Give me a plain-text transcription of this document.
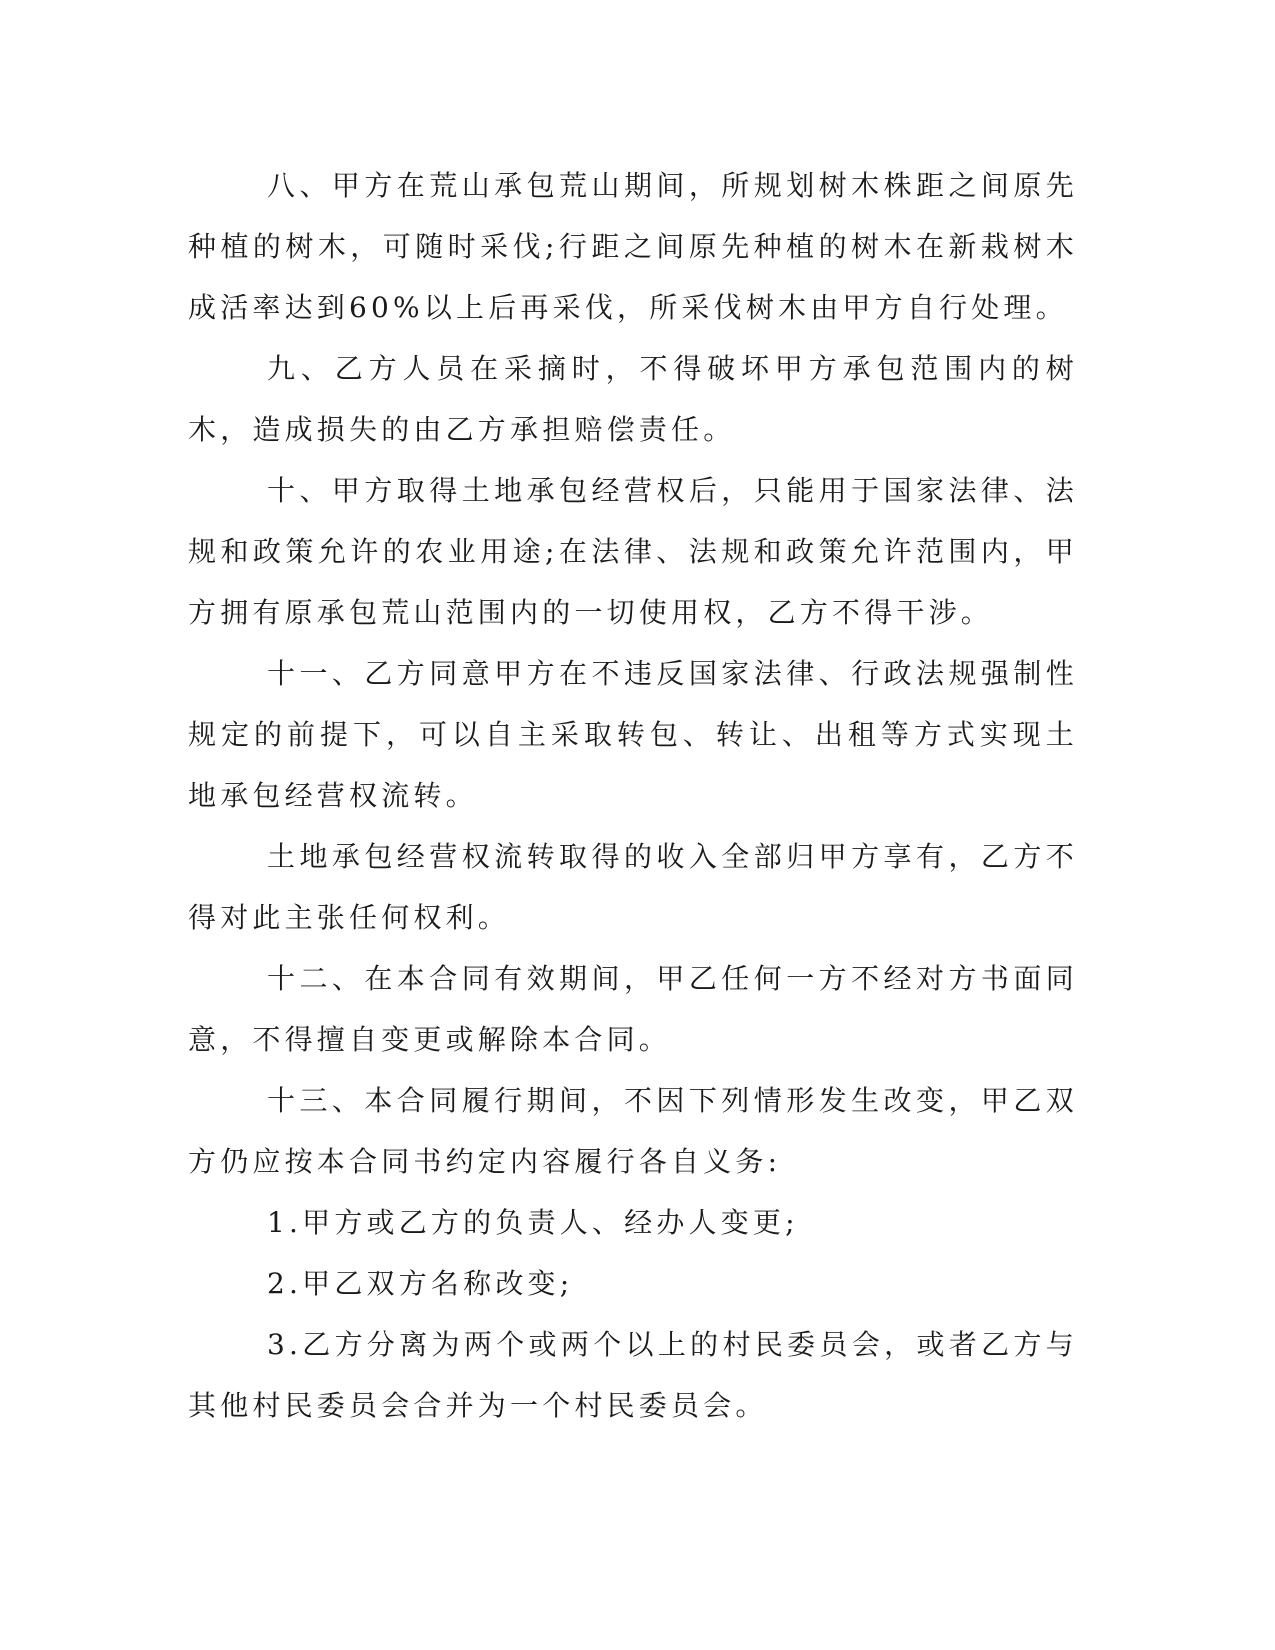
八、甲方在荒山承包荒山期间，所规划树木株距之间原先种植的树木，可随时采伐;行距之间原先种植的树木在新栽树木成活率达到60%以上后再采伐，所采伐树木由甲方自行处理。

九、乙方人员在采摘时，不得破坏甲方承包范围内的树木，造成损失的由乙方承担赔偿责任。

十、甲方取得土地承包经营权后，只能用于国家法律、法规和政策允许的农业用途;在法律、法规和政策允许范围内，甲方拥有原承包荒山范围内的一切使用权，乙方不得干涉。

十一、乙方同意甲方在不违反国家法律、行政法规强制性规定的前提下，可以自主采取转包、转让、出租等方式实现土地承包经营权流转。

土地承包经营权流转取得的收入全部归甲方享有，乙方不得对此主张任何权利。

十二、在本合同有效期间，甲乙任何一方不经对方书面同意，不得擅自变更或解除本合同。

十三、本合同履行期间，不因下列情形发生改变，甲乙双方仍应按本合同书约定内容履行各自义务:

1.甲方或乙方的负责人、经办人变更;

2.甲乙双方名称改变;

3.乙方分离为两个或两个以上的村民委员会，或者乙方与其他村民委员会合并为一个村民委员会。
